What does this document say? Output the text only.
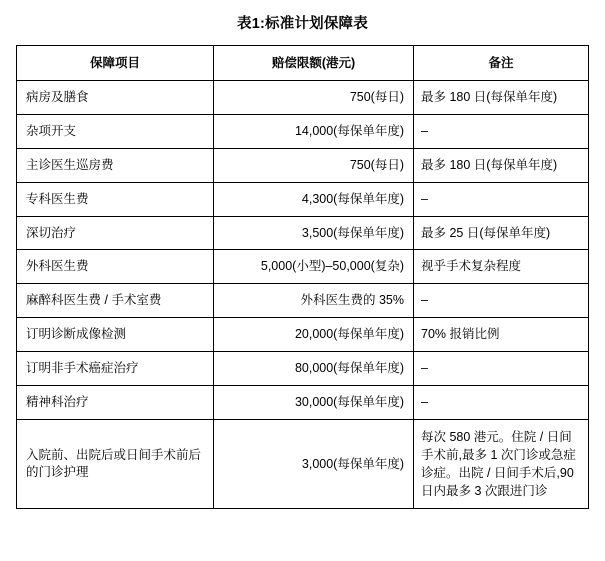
表1:标准计划保障表
保障项目	赔偿限额(港元)	备注
病房及膳食	750(每日)	最多 180 日(每保单年度)
杂项开支	14,000(每保单年度)	–
主诊医生巡房费	750(每日)	最多 180 日(每保单年度)
专科医生费	4,300(每保单年度)	–
深切治疗	3,500(每保单年度)	最多 25 日(每保单年度)
外科医生费	5,000(小型)–50,000(复杂)	视乎手术复杂程度
麻醉科医生费 / 手术室费	外科医生费的 35%	–
订明诊断成像检测	20,000(每保单年度)	70% 报销比例
订明非手术癌症治疗	80,000(每保单年度)	–
精神科治疗	30,000(每保单年度)	–
入院前、出院后或日间手术前后的门诊护理	3,000(每保单年度)	每次 580 港元。住院 / 日间手术前,最多 1 次门诊或急症诊症。出院 / 日间手术后,90 日内最多 3 次跟进门诊
